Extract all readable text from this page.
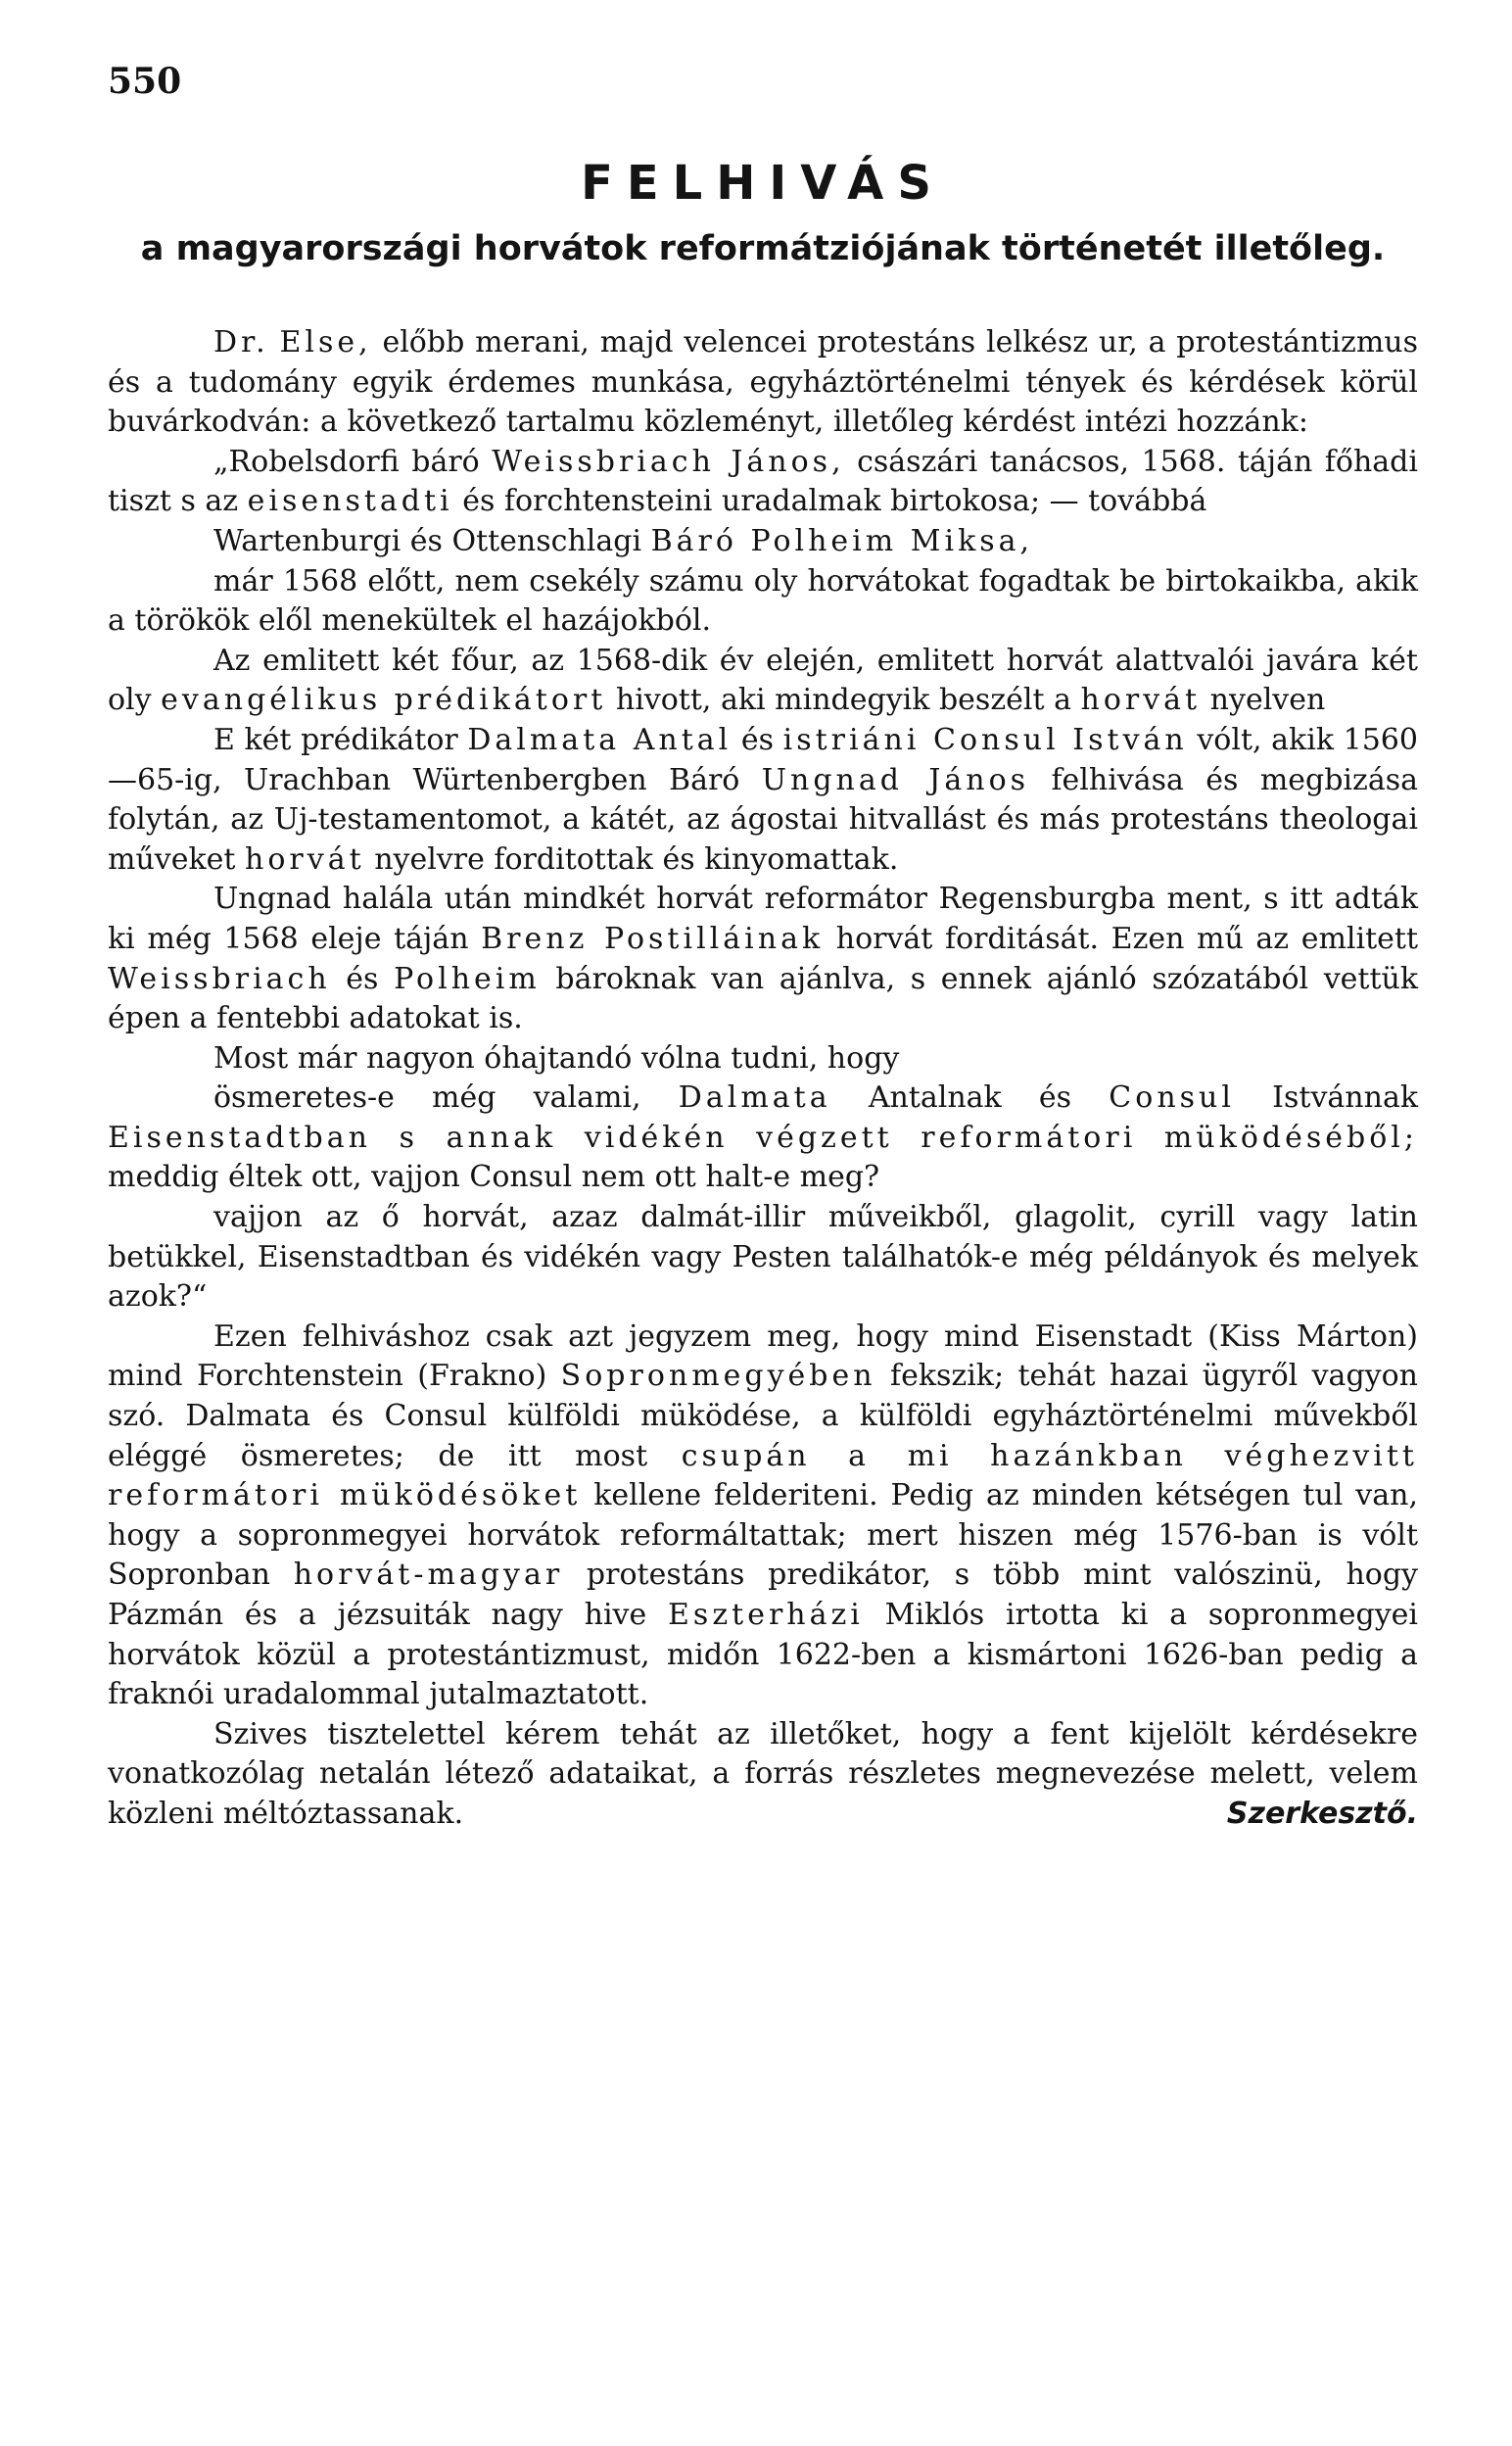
550
FELHIVÁS
a magyarországi horvátok reformátziójának történetét illetőleg.

Dr. Else, előbb merani, majd velencei protestáns lelkész ur, a protestántizmus és a tudomány egyik érdemes munkása, egyháztörténelmi tények és kérdések körül buvárkodván: a következő tartalmu közleményt, illetőleg kérdést intézi hozzánk:

„Robelsdorfi báró Weissbriach János, császári tanácsos, 1568. táján főhadi tiszt s az eisenstadti és forchtensteini uradalmak birtokosa; — továbbá

Wartenburgi és Ottenschlagi Báró Polheim Miksa,

már 1568 előtt, nem csekély számu oly horvátokat fogadtak be birtokaikba, akik a törökök elől menekültek el hazájokból.

Az emlitett két főur, az 1568-dik év elején, emlitett horvát alattvalói javára két oly evangélikus prédikátort hivott, aki mindegyik beszélt a horvát nyelven

E két prédikátor Dalmata Antal és istriáni Consul István vólt, akik 1560—65-ig, Urachban Würtenbergben Báró Ungnad János felhivása és megbizása folytán, az Uj-testamentomot, a kátét, az ágostai hitvallást és más protestáns theologai műveket horvát nyelvre forditottak és kinyomattak.

Ungnad halála után mindkét horvát reformátor Regensburgba ment, s itt adták ki még 1568 eleje táján Brenz Postilláinak horvát forditását. Ezen mű az emlitett Weissbriach és Polheim bároknak van ajánlva, s ennek ajánló szózatából vettük épen a fentebbi adatokat is.

Most már nagyon óhajtandó vólna tudni, hogy

ösmeretes-e még valami, Dalmata Antalnak és Consul Istvánnak Eisenstadtban s annak vidékén végzett reformátori müködéséből; meddig éltek ott, vajjon Consul nem ott halt-e meg?

vajjon az ő horvát, azaz dalmát-illir műveikből, glagolit, cyrill vagy latin betükkel, Eisenstadtban és vidékén vagy Pesten találhatók-e még példányok és melyek azok?“

Ezen felhiváshoz csak azt jegyzem meg, hogy mind Eisenstadt (Kiss Márton) mind Forchtenstein (Frakno) Sopronmegyében fekszik; tehát hazai ügyről vagyon szó. Dalmata és Consul külföldi müködése, a külföldi egyháztörténelmi művekből eléggé ösmeretes; de itt most csupán a mi hazánkban véghezvitt reformátori müködésöket kellene felderiteni. Pedig az minden kétségen tul van, hogy a sopronmegyei horvátok reformáltattak; mert hiszen még 1576-ban is vólt Sopronban horvát-magyar protestáns predikátor, s több mint valószinü, hogy Pázmán és a jézsuiták nagy hive Eszterházi Miklós irtotta ki a sopronmegyei horvátok közül a protestántizmust, midőn 1622-ben a kismártoni 1626-ban pedig a fraknói uradalommal jutalmaztatott.

Szives tisztelettel kérem tehát az illetőket, hogy a fent kijelölt kérdésekre vonatkozólag netalán létező adataikat, a forrás részletes megnevezése melett, velem közleni méltóztassanak.	Szerkesztő.
